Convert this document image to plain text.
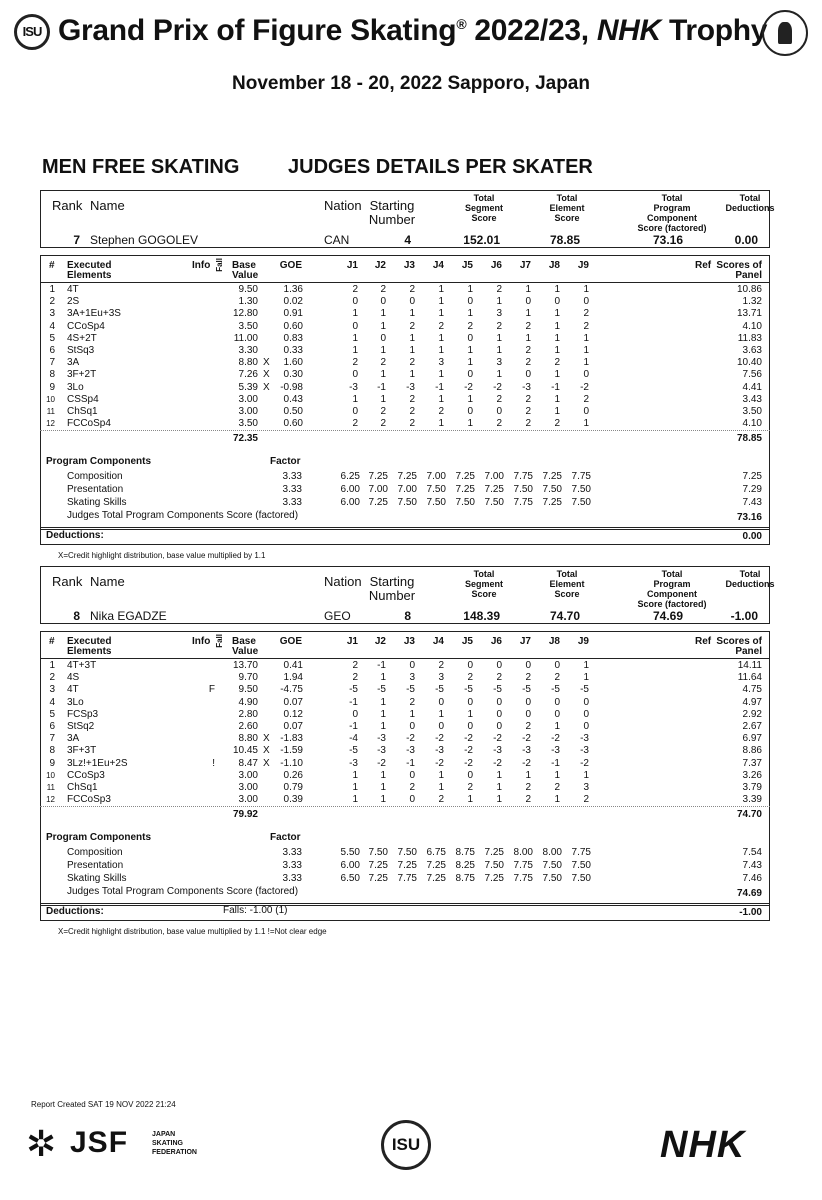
ISU Grand Prix of Figure Skating® 2022/23, NHK Trophy
November 18 - 20, 2022 Sapporo, Japan
MEN FREE SKATING JUDGES DETAILS PER SKATER
Rank Name	Nation Starting
Number
Total
Segment
Score
Total
Element
Score
Total
Program
Component
Score (factored)
Total
Deductions
7 Stephen GOGOLEV	CAN	4	152.01	78.85	73.16	0.00
# Executed
Elements
Info Fall Base
Value
GOE	J1	J2	J3	J4	J5	J6	J7	J8	J9	Ref Scores of
Panel
1 4T	9.50	1.36	2	2	2	1	1	2	1	1	1	10.86
2 2S	1.30	0.02	0	0	0	1	0	1	0	0	0	1.32
3 3A+1Eu+3S	12.80	0.91	1	1	1	1	1	3	1	1	2	13.71
4 CCoSp4	3.50	0.60	0	1	2	2	2	2	2	1	2	4.10
5 4S+2T	11.00	0.83	1	0	1	1	0	1	1	1	1	11.83
6 StSq3	3.30	0.33	1	1	1	1	1	1	2	1	1	3.63
7 3A	8.80 X	1.60	2	2	2	3	1	3	2	2	1	10.40
8 3F+2T	7.26 X	0.30	0	1	1	1	0	1	0	1	0	7.56
9 3Lo	5.39 X	-0.98	-3	-1	-3	-1	-2	-2	-3	-1	-2	4.41
10 CSSp4	3.00	0.43	1	1	2	1	1	2	2	1	2	3.43
11 ChSq1	3.00	0.50	0	2	2	2	0	0	2	1	0	3.50
12 FCCoSp4	3.50	0.60	2	2	2	1	1	2	2	2	1	4.10
72.35	78.85
Program Components	Factor
Composition	3.33	6.25 7.25 7.25 7.00 7.25 7.00 7.75 7.25 7.75	7.25
Presentation	3.33	6.00 7.00 7.00 7.50 7.25 7.25 7.50 7.50 7.50	7.29
Skating Skills	3.33	6.00 7.25 7.50 7.50 7.50 7.50 7.75 7.25 7.50	7.43
Judges Total Program Components Score (factored)	73.16
Deductions:	0.00
X=Credit highlight distribution, base value multiplied by 1.1
Rank Name	Nation Starting
Number
Total
Segment
Score
Total
Element
Score
Total
Program
Component
Score (factored)
Total
Deductions
8 Nika EGADZE	GEO	8	148.39	74.70	74.69	-1.00
# Executed
Elements
Info Fall Base
Value
GOE	J1	J2	J3	J4	J5	J6	J7	J8	J9	Ref Scores of
Panel
1 4T+3T	13.70	0.41	2	-1	0	2	0	0	0	0	1	14.11
2 4S	9.70	1.94	2	1	3	3	2	2	2	2	1	11.64
3 4T	F	9.50	-4.75	-5	-5	-5	-5	-5	-5	-5	-5	-5	4.75
4 3Lo	4.90	0.07	-1	1	2	0	0	0	0	0	0	4.97
5 FCSp3	2.80	0.12	0	1	1	1	1	0	0	0	0	2.92
6 StSq2	2.60	0.07	-1	1	0	0	0	0	2	1	0	2.67
7 3A	8.80 X	-1.83	-4	-3	-2	-2	-2	-2	-2	-2	-3	6.97
8 3F+3T	10.45 X	-1.59	-5	-3	-3	-3	-2	-3	-3	-3	-3	8.86
9 3Lz!+1Eu+2S	!	8.47 X	-1.10	-3	-2	-1	-2	-2	-2	-2	-1	-2	7.37
10 CCoSp3	3.00	0.26	1	1	0	1	0	1	1	1	1	3.26
11 ChSq1	3.00	0.79	1	1	2	1	2	1	2	2	3	3.79
12 FCCoSp3	3.00	0.39	1	1	0	2	1	1	2	1	2	3.39
79.92	74.70
Program Components	Factor
Composition	3.33	5.50 7.50 7.50 6.75 8.75 7.25 8.00 8.00 7.75	7.54
Presentation	3.33	6.00 7.25 7.25 7.25 8.25 7.50 7.75 7.50 7.50	7.43
Skating Skills	3.33	6.50 7.25 7.75 7.25 8.75 7.25 7.75 7.50 7.50	7.46
Judges Total Program Components Score (factored)	74.69
Deductions:	Falls: -1.00 (1)	-1.00
X=Credit highlight distribution, base value multiplied by 1.1 !=Not clear edge
Report Created SAT 19 NOV 2022 21:24
✲ JSF	JAPAN
SKATING
FEDERATION	ISU	NHK
